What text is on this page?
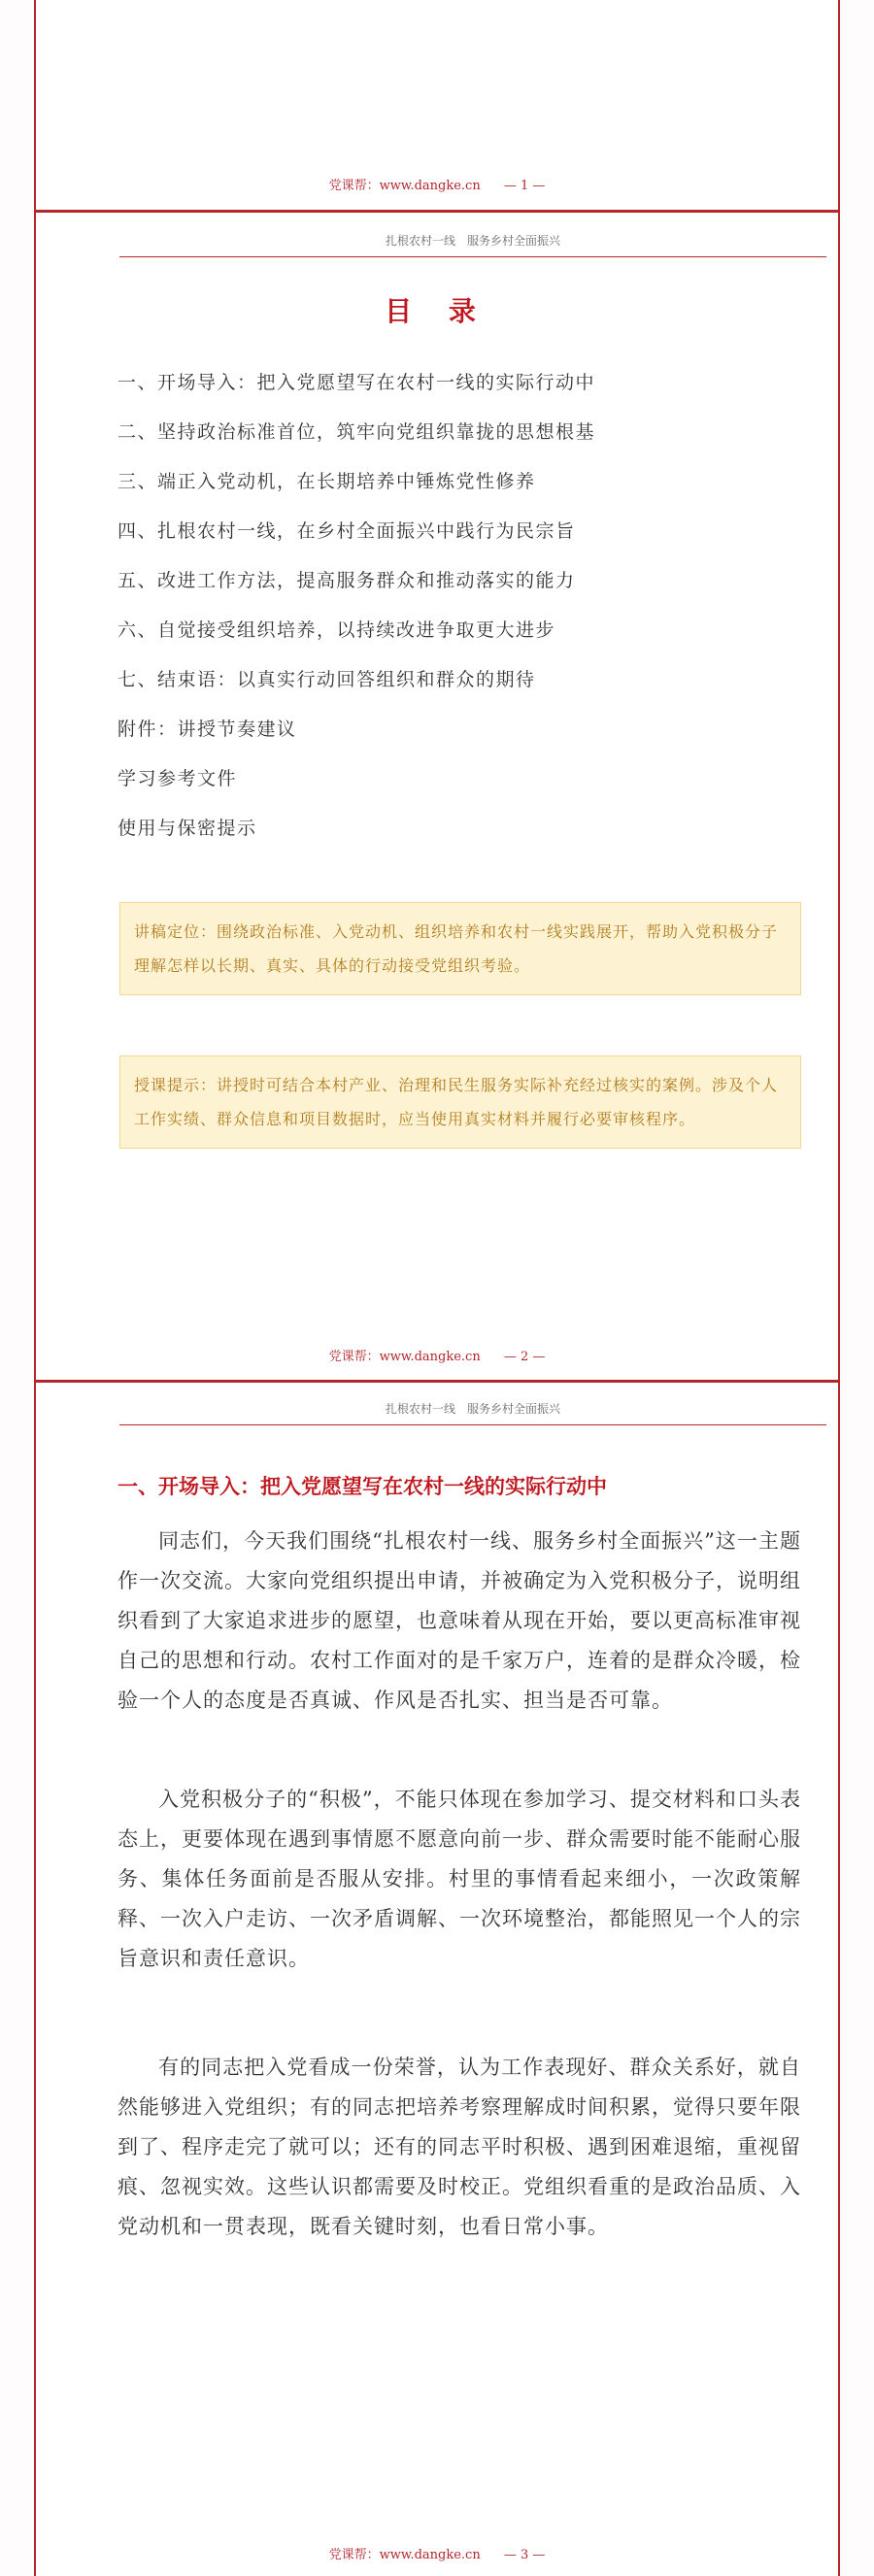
党课帮：www.dangke.cn — 1 —
扎根农村一线　服务乡村全面振兴
目 录
一、开场导入：把入党愿望写在农村一线的实际行动中
二、坚持政治标准首位，筑牢向党组织靠拢的思想根基
三、端正入党动机，在长期培养中锤炼党性修养
四、扎根农村一线，在乡村全面振兴中践行为民宗旨
五、改进工作方法，提高服务群众和推动落实的能力
六、自觉接受组织培养，以持续改进争取更大进步
七、结束语：以真实行动回答组织和群众的期待
附件：讲授节奏建议
学习参考文件
使用与保密提示
讲稿定位：围绕政治标准、入党动机、组织培养和农村一线实践展开，帮助入党积极分子理解怎样以长期、真实、具体的行动接受党组织考验。
授课提示：讲授时可结合本村产业、治理和民生服务实际补充经过核实的案例。涉及个人工作实绩、群众信息和项目数据时，应当使用真实材料并履行必要审核程序。
党课帮：www.dangke.cn — 2 —
扎根农村一线　服务乡村全面振兴
一、开场导入：把入党愿望写在农村一线的实际行动中
同志们，今天我们围绕“扎根农村一线、服务乡村全面振兴”这一主题作一次交流。大家向党组织提出申请，并被确定为入党积极分子，说明组织看到了大家追求进步的愿望，也意味着从现在开始，要以更高标准审视自己的思想和行动。农村工作面对的是千家万户，连着的是群众冷暖，检验一个人的态度是否真诚、作风是否扎实、担当是否可靠。
入党积极分子的“积极”，不能只体现在参加学习、提交材料和口头表态上，更要体现在遇到事情愿不愿意向前一步、群众需要时能不能耐心服务、集体任务面前是否服从安排。村里的事情看起来细小，一次政策解释、一次入户走访、一次矛盾调解、一次环境整治，都能照见一个人的宗旨意识和责任意识。
有的同志把入党看成一份荣誉，认为工作表现好、群众关系好，就自然能够进入党组织；有的同志把培养考察理解成时间积累，觉得只要年限到了、程序走完了就可以；还有的同志平时积极、遇到困难退缩，重视留痕、忽视实效。这些认识都需要及时校正。党组织看重的是政治品质、入党动机和一贯表现，既看关键时刻，也看日常小事。
党课帮：www.dangke.cn — 3 —
